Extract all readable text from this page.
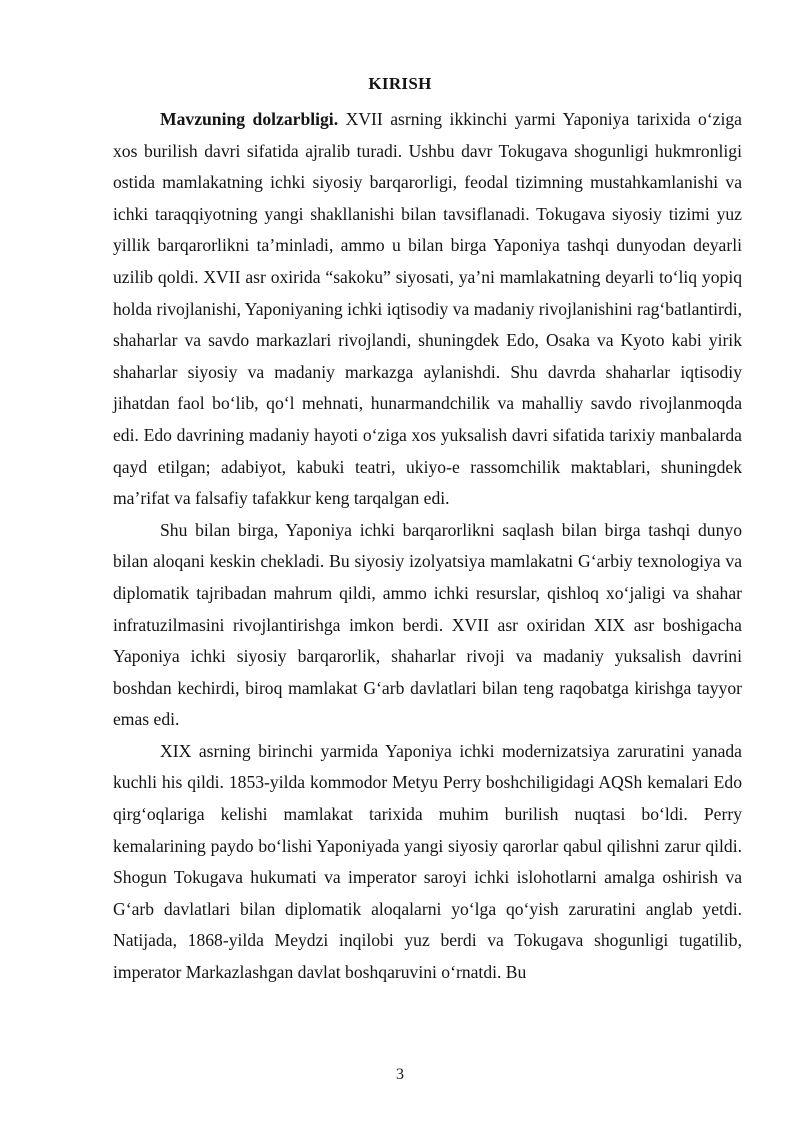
KIRISH

Mavzuning dolzarbligi. XVII asrning ikkinchi yarmi Yaponiya tarixida o‘ziga xos burilish davri sifatida ajralib turadi. Ushbu davr Tokugava shogunligi hukmronligi ostida mamlakatning ichki siyosiy barqarorligi, feodal tizimning mustahkamlanishi va ichki taraqqiyotning yangi shakllanishi bilan tavsiflanadi. Tokugava siyosiy tizimi yuz yillik barqarorlikni ta’minladi, ammo u bilan birga Yaponiya tashqi dunyodan deyarli uzilib qoldi. XVII asr oxirida “sakoku” siyosati, ya’ni mamlakatning deyarli to‘liq yopiq holda rivojlanishi, Yaponiyaning ichki iqtisodiy va madaniy rivojlanishini rag‘batlantirdi, shaharlar va savdo markazlari rivojlandi, shuningdek Edo, Osaka va Kyoto kabi yirik shaharlar siyosiy va madaniy markazga aylanishdi. Shu davrda shaharlar iqtisodiy jihatdan faol bo‘lib, qo‘l mehnati, hunarmandchilik va mahalliy savdo rivojlanmoqda edi. Edo davrining madaniy hayoti o‘ziga xos yuksalish davri sifatida tarixiy manbalarda qayd etilgan; adabiyot, kabuki teatri, ukiyo-e rassomchilik maktablari, shuningdek ma’rifat va falsafiy tafakkur keng tarqalgan edi.

Shu bilan birga, Yaponiya ichki barqarorlikni saqlash bilan birga tashqi dunyo bilan aloqani keskin chekladi. Bu siyosiy izolyatsiya mamlakatni G‘arbiy texnologiya va diplomatik tajribadan mahrum qildi, ammo ichki resurslar, qishloq xo‘jaligi va shahar infratuzilmasini rivojlantirishga imkon berdi. XVII asr oxiridan XIX asr boshigacha Yaponiya ichki siyosiy barqarorlik, shaharlar rivoji va madaniy yuksalish davrini boshdan kechirdi, biroq mamlakat G‘arb davlatlari bilan teng raqobatga kirishga tayyor emas edi.

XIX asrning birinchi yarmida Yaponiya ichki modernizatsiya zaruratini yanada kuchli his qildi. 1853-yilda kommodor Metyu Perry boshchiligidagi AQSh kemalari Edo qirg‘oqlariga kelishi mamlakat tarixida muhim burilish nuqtasi bo‘ldi. Perry kemalarining paydo bo‘lishi Yaponiyada yangi siyosiy qarorlar qabul qilishni zarur qildi. Shogun Tokugava hukumati va imperator saroyi ichki islohotlarni amalga oshirish va G‘arb davlatlari bilan diplomatik aloqalarni yo‘lga qo‘yish zaruratini anglab yetdi. Natijada, 1868-yilda Meydzi inqilobi yuz berdi va Tokugava shogunligi tugatilib, imperator Markazlashgan davlat boshqaruvini o‘rnatdi. Bu

3
